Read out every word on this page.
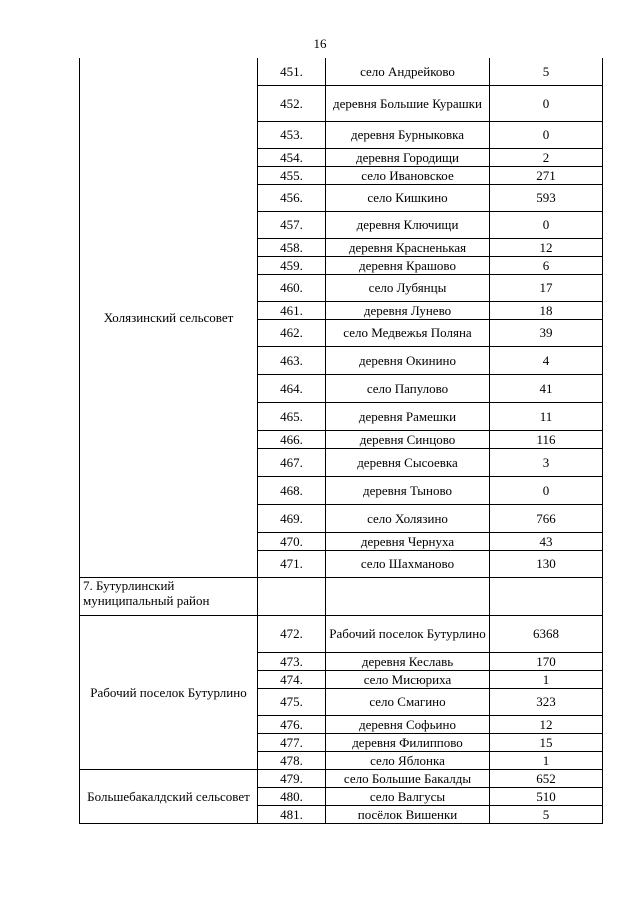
16
Холязинский сельсовет	451.	село Андрейково	5
	452.	деревня Большие Курашки	0
	453.	деревня Бурныковка	0
	454.	деревня Городищи	2
	455.	село Ивановское	271
	456.	село Кишкино	593
	457.	деревня Ключищи	0
	458.	деревня Красненькая	12
	459.	деревня Крашово	6
	460.	село Лубянцы	17
	461.	деревня Лунево	18
	462.	село Медвежья Поляна	39
	463.	деревня Окинино	4
	464.	село Папулово	41
	465.	деревня Рамешки	11
	466.	деревня Синцово	116
	467.	деревня Сысоевка	3
	468.	деревня Тыново	0
	469.	село Холязино	766
	470.	деревня Чернуха	43
	471.	село Шахманово	130
7. Бутурлинский муниципальный район			
Рабочий поселок Бутурлино	472.	Рабочий поселок Бутурлино	6368
	473.	деревня Кеславь	170
	474.	село Мисюриха	1
	475.	село Смагино	323
	476.	деревня Софьино	12
	477.	деревня Филиппово	15
	478.	село Яблонка	1
Большебакалдский сельсовет	479.	село Большие Бакалды	652
	480.	село Валгусы	510
	481.	посёлок Вишенки	5
